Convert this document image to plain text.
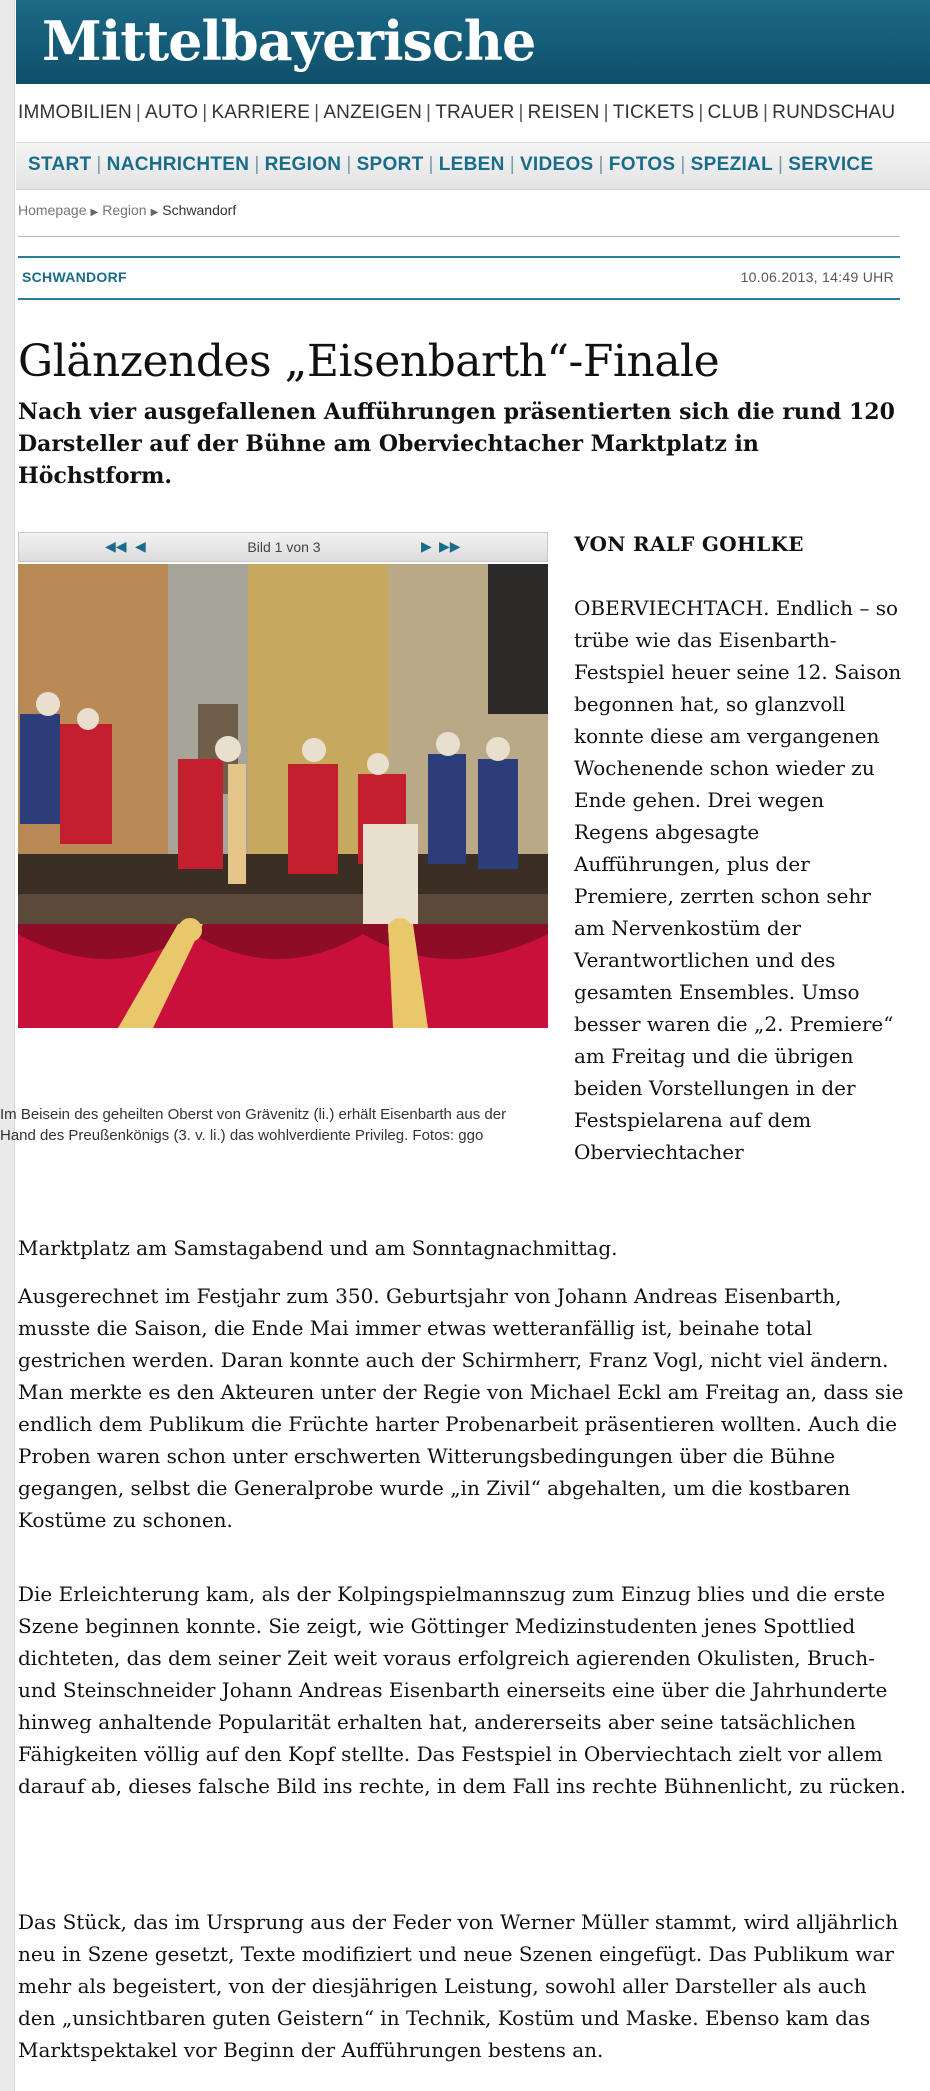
Mittelbayerische
IMMOBILIEN | AUTO | KARRIERE | ANZEIGEN | TRAUER | REISEN | TICKETS | CLUB | RUNDSCHAU
START | NACHRICHTEN | REGION | SPORT | LEBEN | VIDEOS | FOTOS | SPEZIAL | SERVICE
Homepage ▶ Region ▶ Schwandorf
SCHWANDORF	10.06.2013, 14:49 UHR
Glänzendes „Eisenbarth“-Finale
Nach vier ausgefallenen Aufführungen präsentierten sich die rund 120 Darsteller auf der Bühne am Oberviechtacher Marktplatz in Höchstform.
◀◀ ◀	Bild 1 von 3	▶ ▶▶
Im Beisein des geheilten Oberst von Grävenitz (li.) erhält Eisenbarth aus der Hand des Preußenkönigs (3. v. li.) das wohlverdiente Privileg. Fotos: ggo
VON RALF GOHLKE

OBERVIECHTACH. Endlich – so trübe wie das Eisenbarth-Festspiel heuer seine 12. Saison begonnen hat, so glanzvoll konnte diese am vergangenen Wochenende schon wieder zu Ende gehen. Drei wegen Regens abgesagte Aufführungen, plus der Premiere, zerrten schon sehr am Nervenkostüm der Verantwortlichen und des gesamten Ensembles. Umso besser waren die „2. Premiere“ am Freitag und die übrigen beiden Vorstellungen in der Festspielarena auf dem Oberviechtacher

Marktplatz am Samstagabend und am Sonntagnachmittag.

Ausgerechnet im Festjahr zum 350. Geburtsjahr von Johann Andreas Eisenbarth, musste die Saison, die Ende Mai immer etwas wetteranfällig ist, beinahe total gestrichen werden. Daran konnte auch der Schirmherr, Franz Vogl, nicht viel ändern. Man merkte es den Akteuren unter der Regie von Michael Eckl am Freitag an, dass sie endlich dem Publikum die Früchte harter Probenarbeit präsentieren wollten. Auch die Proben waren schon unter erschwerten Witterungsbedingungen über die Bühne gegangen, selbst die Generalprobe wurde „in Zivil“ abgehalten, um die kostbaren Kostüme zu schonen.

Die Erleichterung kam, als der Kolpingspielmannszug zum Einzug blies und die erste Szene beginnen konnte. Sie zeigt, wie Göttinger Medizinstudenten jenes Spottlied dichteten, das dem seiner Zeit weit voraus erfolgreich agierenden Okulisten, Bruch- und Steinschneider Johann Andreas Eisenbarth einerseits eine über die Jahrhunderte hinweg anhaltende Popularität erhalten hat, andererseits aber seine tatsächlichen Fähigkeiten völlig auf den Kopf stellte. Das Festspiel in Oberviechtach zielt vor allem darauf ab, dieses falsche Bild ins rechte, in dem Fall ins rechte Bühnenlicht, zu rücken.

Das Stück, das im Ursprung aus der Feder von Werner Müller stammt, wird alljährlich neu in Szene gesetzt, Texte modifiziert und neue Szenen eingefügt. Das Publikum war mehr als begeistert, von der diesjährigen Leistung, sowohl aller Darsteller als auch den „unsichtbaren guten Geistern“ in Technik, Kostüm und Maske. Ebenso kam das Marktspektakel vor Beginn der Aufführungen bestens an.
